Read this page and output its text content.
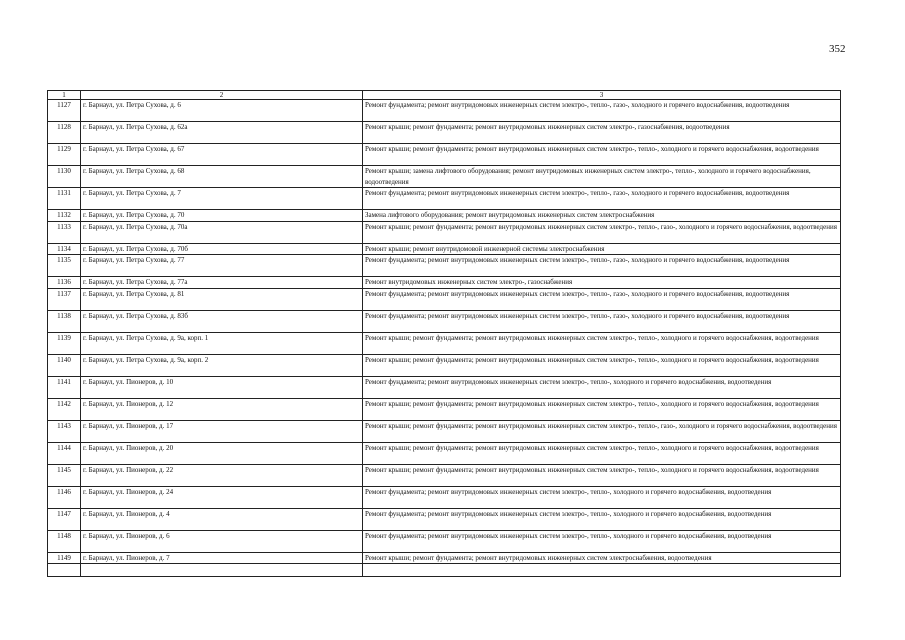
352
1	2	3
1127	г. Барнаул, ул. Петра Сухова, д. 6	Ремонт фундамента; ремонт внутридомовых инженерных систем электро-, тепло-, газо-, холодного и горячего водоснабжения, водоотведения
1128	г. Барнаул, ул. Петра Сухова, д. 62а	Ремонт крыши; ремонт фундамента; ремонт внутридомовых инженерных систем электро-, газоснабжения, водоотведения
1129	г. Барнаул, ул. Петра Сухова, д. 67	Ремонт крыши; ремонт фундамента; ремонт внутридомовых инженерных систем электро-, тепло-, холодного и горячего водоснабжения, водоотведения
1130	г. Барнаул, ул. Петра Сухова, д. 68	Ремонт крыши; замена лифтового оборудования; ремонт внутридомовых инженерных систем электро-, тепло-, холодного и горячего водоснабжения, водоотведения
1131	г. Барнаул, ул. Петра Сухова, д. 7	Ремонт фундамента; ремонт внутридомовых инженерных систем электро-, тепло-, газо-, холодного и горячего водоснабжения, водоотведения
1132	г. Барнаул, ул. Петра Сухова, д. 70	Замена лифтового оборудования; ремонт внутридомовых инженерных систем электроснабжения
1133	г. Барнаул, ул. Петра Сухова, д. 70а	Ремонт крыши; ремонт фундамента; ремонт внутридомовых инженерных систем электро-, тепло-, газо-, холодного и горячего водоснабжения, водоотведения
1134	г. Барнаул, ул. Петра Сухова, д. 70б	Ремонт крыши; ремонт внутридомовой инженерной системы электроснабжения
1135	г. Барнаул, ул. Петра Сухова, д. 77	Ремонт фундамента; ремонт внутридомовых инженерных систем электро-, тепло-, газо-, холодного и горячего водоснабжения, водоотведения
1136	г. Барнаул, ул. Петра Сухова, д. 77а	Ремонт внутридомовых инженерных систем электро-, газоснабжения
1137	г. Барнаул, ул. Петра Сухова, д. 81	Ремонт фундамента; ремонт внутридомовых инженерных систем электро-, тепло-, газо-, холодного и горячего водоснабжения, водоотведения
1138	г. Барнаул, ул. Петра Сухова, д. 83б	Ремонт фундамента; ремонт внутридомовых инженерных систем электро-, тепло-, газо-, холодного и горячего водоснабжения, водоотведения
1139	г. Барнаул, ул. Петра Сухова, д. 9а, корп. 1	Ремонт крыши; ремонт фундамента; ремонт внутридомовых инженерных систем электро-, тепло-, холодного и горячего водоснабжения, водоотведения
1140	г. Барнаул, ул. Петра Сухова, д. 9а, корп. 2	Ремонт крыши; ремонт фундамента; ремонт внутридомовых инженерных систем электро-, тепло-, холодного и горячего водоснабжения, водоотведения
1141	г. Барнаул, ул. Пионеров, д. 10	Ремонт фундамента; ремонт внутридомовых инженерных систем электро-, тепло-, холодного и горячего водоснабжения, водоотведения
1142	г. Барнаул, ул. Пионеров, д. 12	Ремонт крыши; ремонт фундамента; ремонт внутридомовых инженерных систем электро-, тепло-, холодного и горячего водоснабжения, водоотведения
1143	г. Барнаул, ул. Пионеров, д. 17	Ремонт крыши; ремонт фундамента; ремонт внутридомовых инженерных систем электро-, тепло-, газо-, холодного и горячего водоснабжения, водоотведения
1144	г. Барнаул, ул. Пионеров, д. 20	Ремонт крыши; ремонт фундамента; ремонт внутридомовых инженерных систем электро-, тепло-, холодного и горячего водоснабжения, водоотведения
1145	г. Барнаул, ул. Пионеров, д. 22	Ремонт крыши; ремонт фундамента; ремонт внутридомовых инженерных систем электро-, тепло-, холодного и горячего водоснабжения, водоотведения
1146	г. Барнаул, ул. Пионеров, д. 24	Ремонт фундамента; ремонт внутридомовых инженерных систем электро-, тепло-, холодного и горячего водоснабжения, водоотведения
1147	г. Барнаул, ул. Пионеров, д. 4	Ремонт фундамента; ремонт внутридомовых инженерных систем электро-, тепло-, холодного и горячего водоснабжения, водоотведения
1148	г. Барнаул, ул. Пионеров, д. 6	Ремонт фундамента; ремонт внутридомовых инженерных систем электро-, тепло-, холодного и горячего водоснабжения, водоотведения
1149	г. Барнаул, ул. Пионеров, д. 7	Ремонт крыши; ремонт фундамента; ремонт внутридомовых инженерных систем электроснабжения, водоотведения
